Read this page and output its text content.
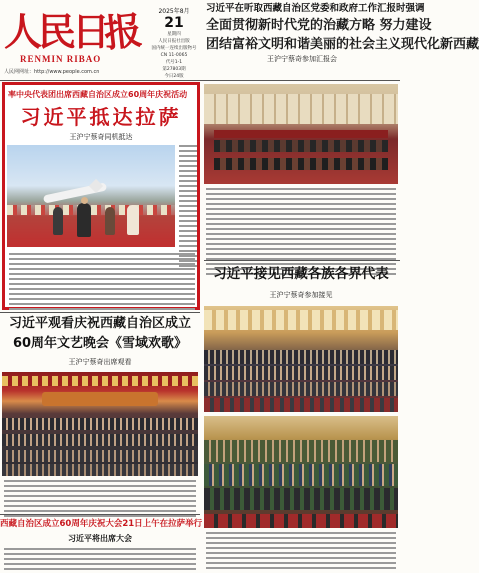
人
民
日
报
RENMIN RIBAO
人民网网址：http://www.people.com.cn
2025年8月
21
星期四
人民日报社出版
国内统一连续出版物号
CN 11-0065
代号1-1
第27803期
今日24版
习近平在听取西藏自治区党委和政府工作汇报时强调
全面贯彻新时代党的治藏方略 努力建设
团结富裕文明和谐美丽的社会主义现代化新西藏
王沪宁蔡奇参加汇报会
率中央代表团出席西藏自治区成立60周年庆祝活动
习近平抵达拉萨
王沪宁蔡奇同机抵达
习近平接见西藏各族各界代表
王沪宁蔡奇参加接见
习近平观看庆祝西藏自治区成立
60周年文艺晚会《雪域欢歌》
王沪宁蔡奇出席观看
西藏自治区成立60周年庆祝大会21日上午在拉萨举行
习近平将出席大会
